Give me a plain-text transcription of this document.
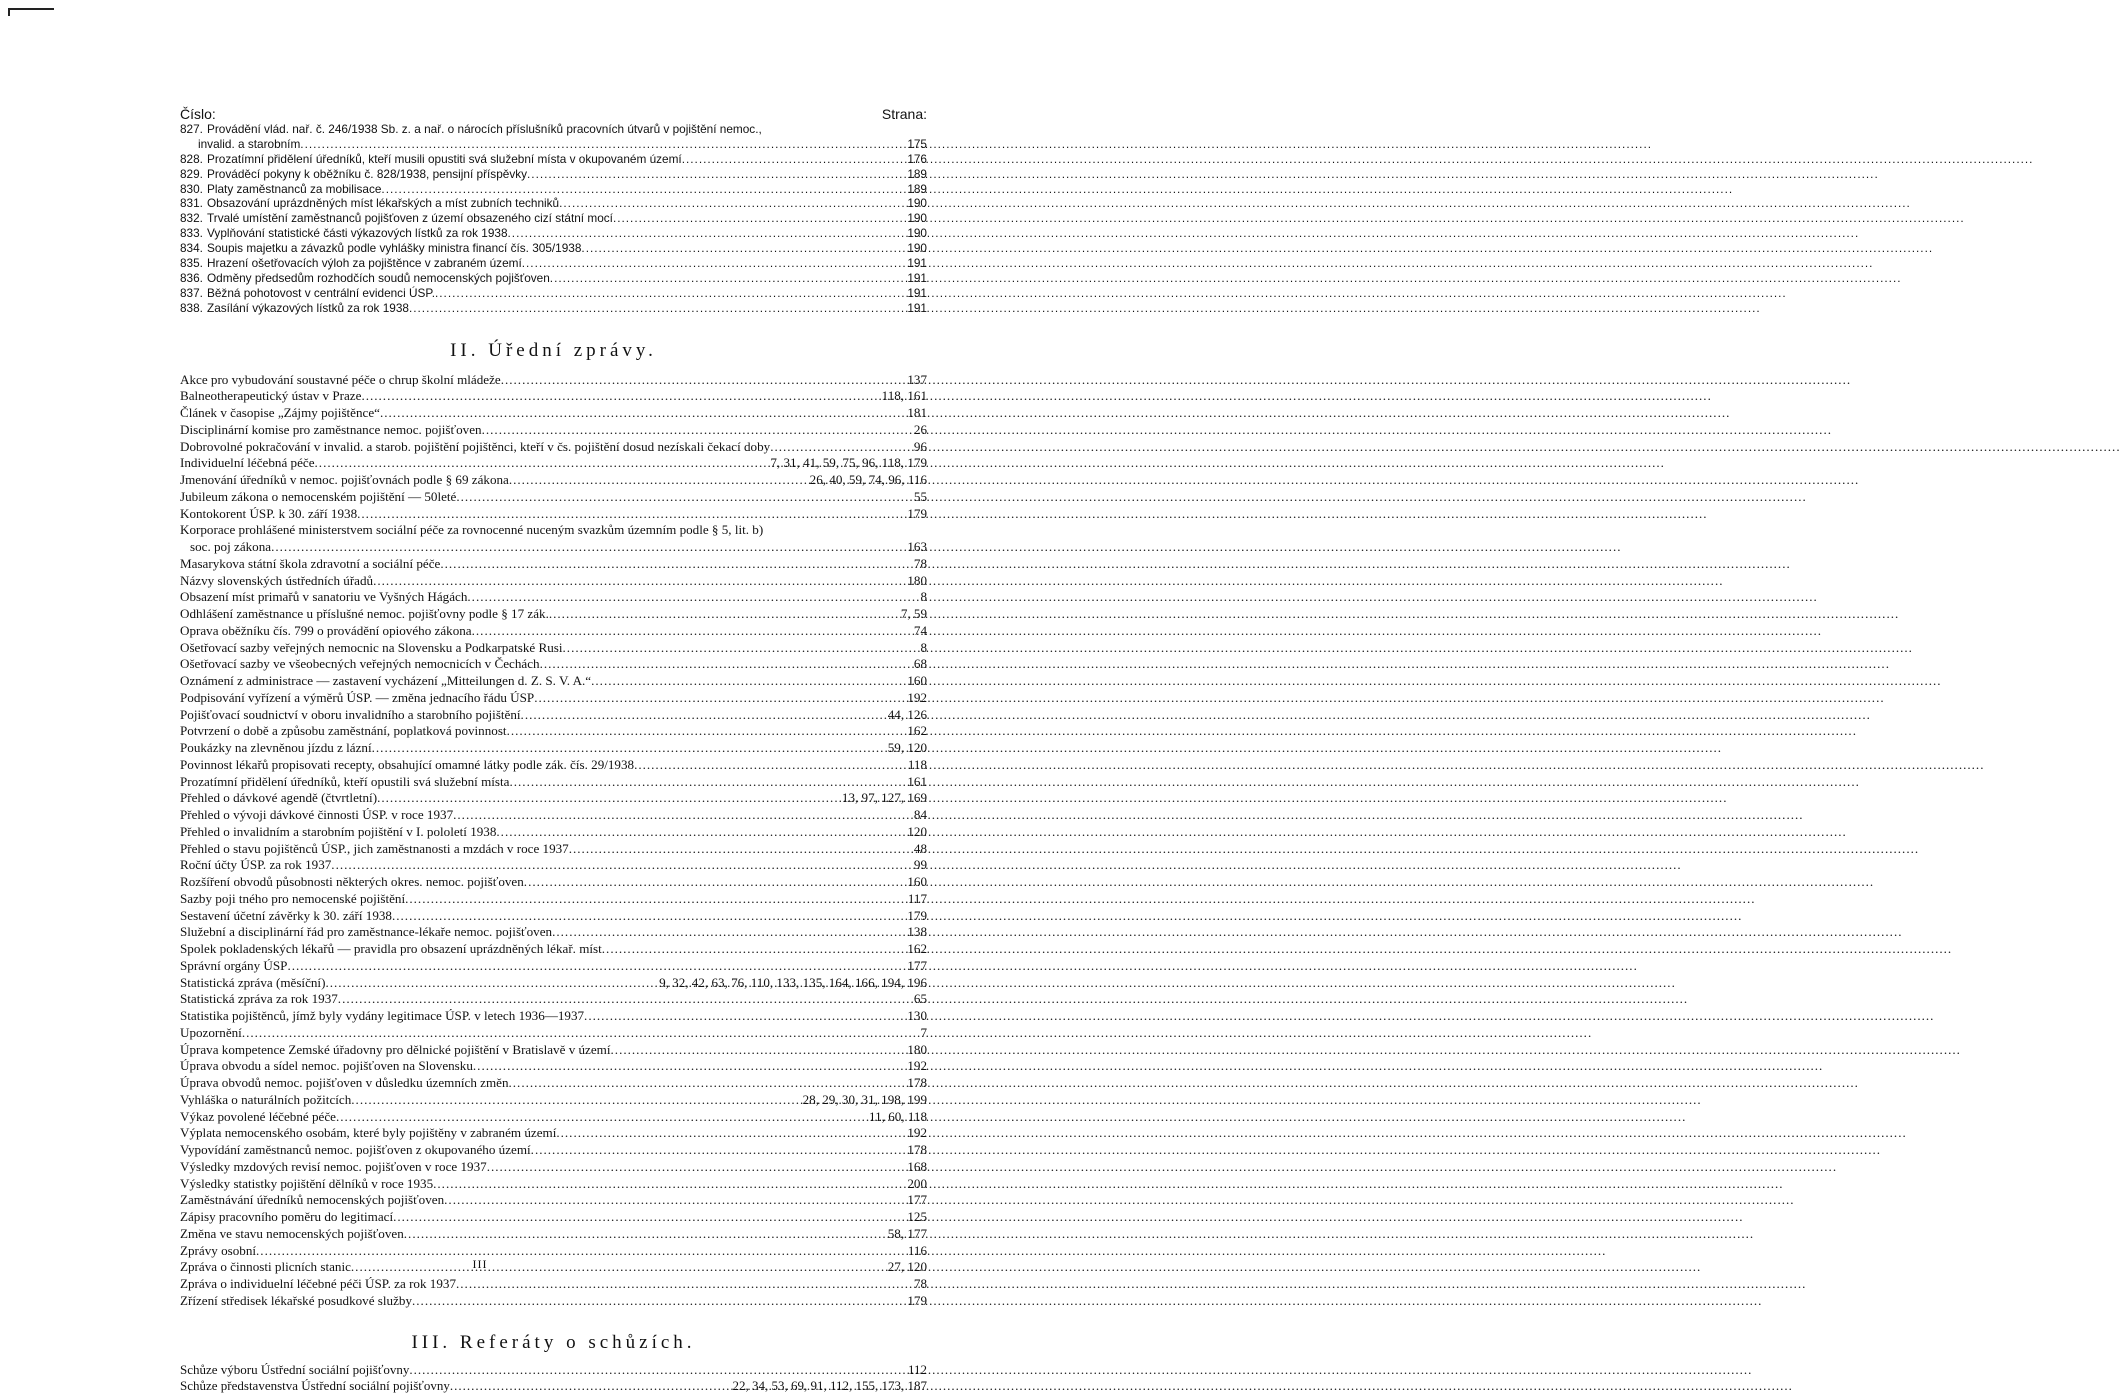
Číslo:	Strana:
827. Provádění vlád. nař. č. 246/1938 Sb. z. a nař. o nárocích příslušníků pracovních útvarů v pojištění nemoc.,
invalid. a starobním .....	175
828. Prozatímní přidělení úředníků, kteří musili opustiti svá služební místa v okupovaném území .....	176
829. Prováděcí pokyny k oběžníku č. 828/1938, pensijní příspěvky .....	189
830. Platy zaměstnanců za mobilisace .....	189
831. Obsazování uprázdněných míst lékařských a míst zubních techniků .....	190
832. Trvalé umístění zaměstnanců pojišťoven z území obsazeného cizí státní mocí .....	190
833. Vyplňování statistické části výkazových lístků za rok 1938 .....	190
834. Soupis majetku a závazků podle vyhlášky ministra financí čís. 305/1938 .....	190
835. Hrazení ošetřovacích výloh za pojištěnce v zabraném území .....	191
836. Odměny předsedům rozhodčích soudů nemocenských pojišťoven .....	191
837. Běžná pohotovost v centrální evidenci ÚSP. .....	191
838. Zasílání výkazových lístků za rok 1938 .....	191
II. Úřední zprávy.
Akce pro vybudování soustavné péče o chrup školní mládeže .....	137
Balneotherapeutický ústav v Praze .....	118, 161
Článek v časopise „Zájmy pojištěnce“ .....	181
Disciplinární komise pro zaměstnance nemoc. pojišťoven .....	26
Dobrovolné pokračování v invalid. a starob. pojištění pojištěnci, kteří v čs. pojištění dosud nezískali čekací doby .....	96
Individuelní léčebná péče .....	7, 31, 41, 59, 75, 96, 118, 179
Jmenování úředníků v nemoc. pojišťovnách podle § 69 zákona .....	26, 40, 59, 74, 96, 116
Jubileum zákona o nemocenském pojištění — 50leté .....	55
Kontokorent ÚSP. k 30. září 1938 .....	179
Korporace prohlášené ministerstvem sociální péče za rovnocenné nuceným svazkům územním podle § 5, lit. b)
soc. poj zákona .....	163
Masarykova státní škola zdravotní a sociální péče .....	78
Názvy slovenských ústředních úřadů .....	180
Obsazení míst primařů v sanatoriu ve Vyšných Hágách .....	8
Odhlášení zaměstnance u příslušné nemoc. pojišťovny podle § 17 zák. .....	7, 59
Oprava oběžníku čís. 799 o provádění opiového zákona .....	74
Ošetřovací sazby veřejných nemocnic na Slovensku a Podkarpatské Rusi .....	8
Ošetřovací sazby ve všeobecných veřejných nemocnicích v Čechách .....	68
Oznámení z administrace — zastavení vycházení „Mitteilungen d. Z. S. V. A.“ .....	160
Podpisování vyřízení a výměrů ÚSP. — změna jednacího řádu ÚSP .....	192
Pojišťovací soudnictví v oboru invalidního a starobního pojištění .....	44, 126
Potvrzení o době a způsobu zaměstnání, poplatková povinnost .....	162
Poukázky na zlevněnou jízdu z lázní .....	59, 120
Povinnost lékařů propisovati recepty, obsahující omamné látky podle zák. čís. 29/1938 .....	118
Prozatímní přidělení úředníků, kteří opustili svá služební místa .....	161
Přehled o dávkové agendě (čtvrtletní) .....	13, 97, 127, 169
Přehled o vývoji dávkové činnosti ÚSP. v roce 1937 .....	84
Přehled o invalidním a starobním pojištění v I. pololetí 1938 .....	120
Přehled o stavu pojištěnců ÚSP., jich zaměstnanosti a mzdách v roce 1937 .....	48
Roční účty ÚSP. za rok 1937 .....	99
Rozšíření obvodů působnosti některých okres. nemoc. pojišťoven .....	160
Sazby poji tného pro nemocenské pojištění .....	117
Sestavení účetní závěrky k 30. září 1938 .....	179
Služební a disciplinární řád pro zaměstnance-lékaře nemoc. pojišťoven .....	138
Spolek pokladenských lékařů — pravidla pro obsazení uprázdněných lékař. míst .....	162
Správní orgány ÚSP .....	177
Statistická zpráva (měsíční) .....	9, 32, 42, 63, 76, 110, 133, 135, 164, 166, 194, 196
Statistická zpráva za rok 1937 .....	65
Statistika pojištěnců, jímž byly vydány legitimace ÚSP. v letech 1936—1937 .....	130
Upozornění .....	7
Úprava kompetence Zemské úřadovny pro dělnické pojištění v Bratislavě v území .....	180
Úprava obvodu a sídel nemoc. pojišťoven na Slovensku .....	192
Úprava obvodů nemoc. pojišťoven v důsledku územních změn .....	178
Vyhláška o naturálních požitcích .....	28, 29, 30, 31, 198, 199
Výkaz povolené léčebné péče .....	11, 60, 118
Výplata nemocenského osobám, které byly pojištěny v zabraném území .....	192
Vypovídání zaměstnanců nemoc. pojišťoven z okupovaného území .....	178
Výsledky mzdových revisí nemoc. pojišťoven v roce 1937 .....	168
Výsledky statistky pojištění dělníků v roce 1935 .....	200
Zaměstnávání úředníků nemocenských pojišťoven .....	177
Zápisy pracovního poměru do legitimací .....	125
Změna ve stavu nemocenských pojišťoven .....	58, 177
Zprávy osobní .....	116
Zpráva o činnosti plicních stanic .....	27, 120
Zpráva o individuelní léčebné péči ÚSP. za rok 1937 .....	78
Zřízení středisek lékařské posudkové služby .....	179
III. Referáty o schůzích.
Schůze výboru Ústřední sociální pojišťovny .....	112
Schůze představenstva Ústřední sociální pojišťovny .....	22, 34, 53, 69, 91, 112, 155, 173, 187
III
